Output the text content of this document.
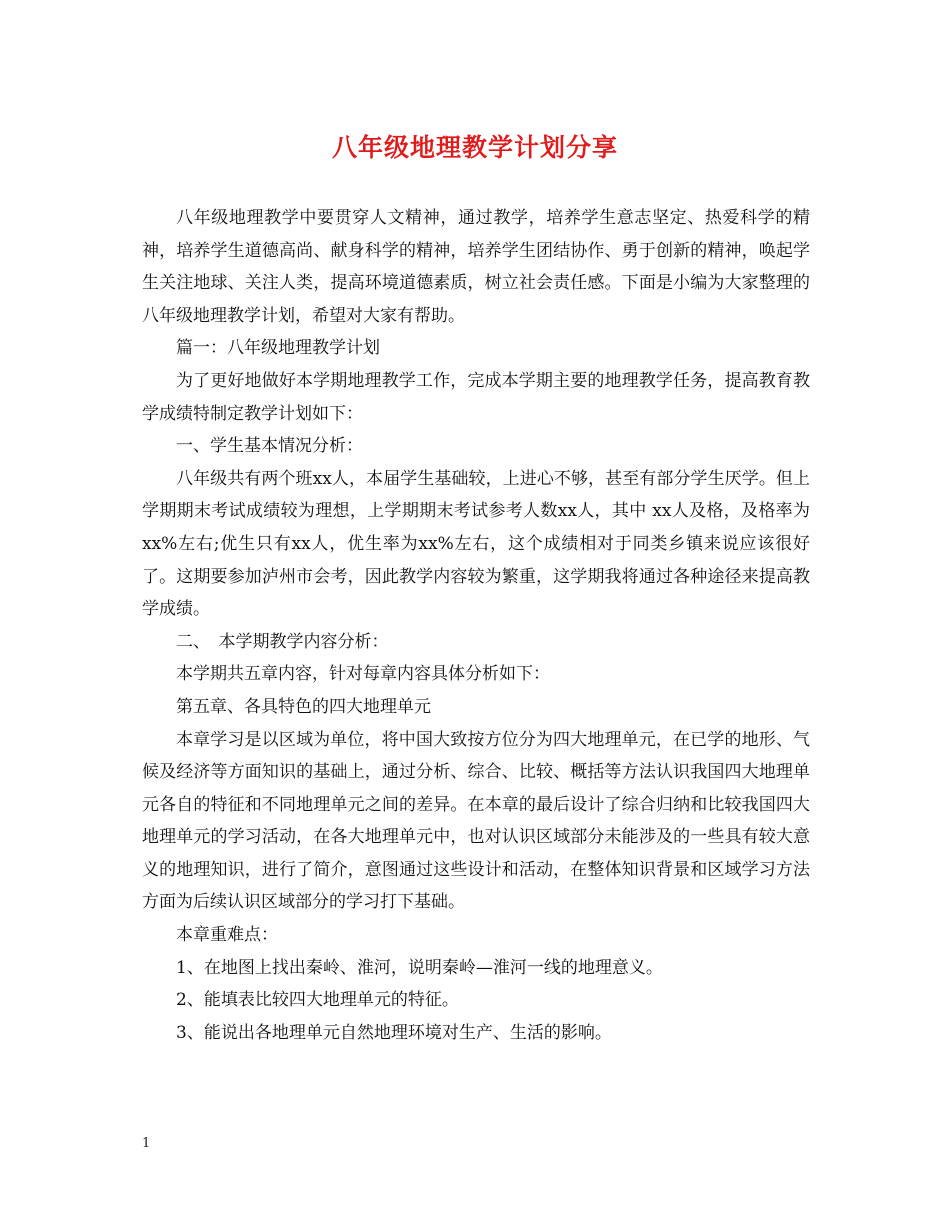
八年级地理教学计划分享

八年级地理教学中要贯穿人文精神，通过教学，培养学生意志坚定、热爱科学的精神，培养学生道德高尚、献身科学的精神，培养学生团结协作、勇于创新的精神，唤起学生关注地球、关注人类，提高环境道德素质，树立社会责任感。下面是小编为大家整理的八年级地理教学计划，希望对大家有帮助。

篇一：八年级地理教学计划

为了更好地做好本学期地理教学工作，完成本学期主要的地理教学任务，提高教育教学成绩特制定教学计划如下：

一、学生基本情况分析：

八年级共有两个班xx人，本届学生基础较，上进心不够，甚至有部分学生厌学。但上学期期末考试成绩较为理想，上学期期末考试参考人数xx人，其中 xx人及格，及格率为xx%左右;优生只有xx人，优生率为xx%左右，这个成绩相对于同类乡镇来说应该很好了。这期要参加泸州市会考，因此教学内容较为繁重，这学期我将通过各种途径来提高教学成绩。

二、　本学期教学内容分析：

本学期共五章内容，针对每章内容具体分析如下：

第五章、各具特色的四大地理单元

本章学习是以区域为单位，将中国大致按方位分为四大地理单元，在已学的地形、气候及经济等方面知识的基础上，通过分析、综合、比较、概括等方法认识我国四大地理单元各自的特征和不同地理单元之间的差异。在本章的最后设计了综合归纳和比较我国四大地理单元的学习活动，在各大地理单元中，也对认识区域部分未能涉及的一些具有较大意义的地理知识，进行了简介，意图通过这些设计和活动，在整体知识背景和区域学习方法方面为后续认识区域部分的学习打下基础。

本章重难点：

1、在地图上找出秦岭、淮河，说明秦岭—淮河一线的地理意义。

2、能填表比较四大地理单元的特征。

3、能说出各地理单元自然地理环境对生产、生活的影响。

1
